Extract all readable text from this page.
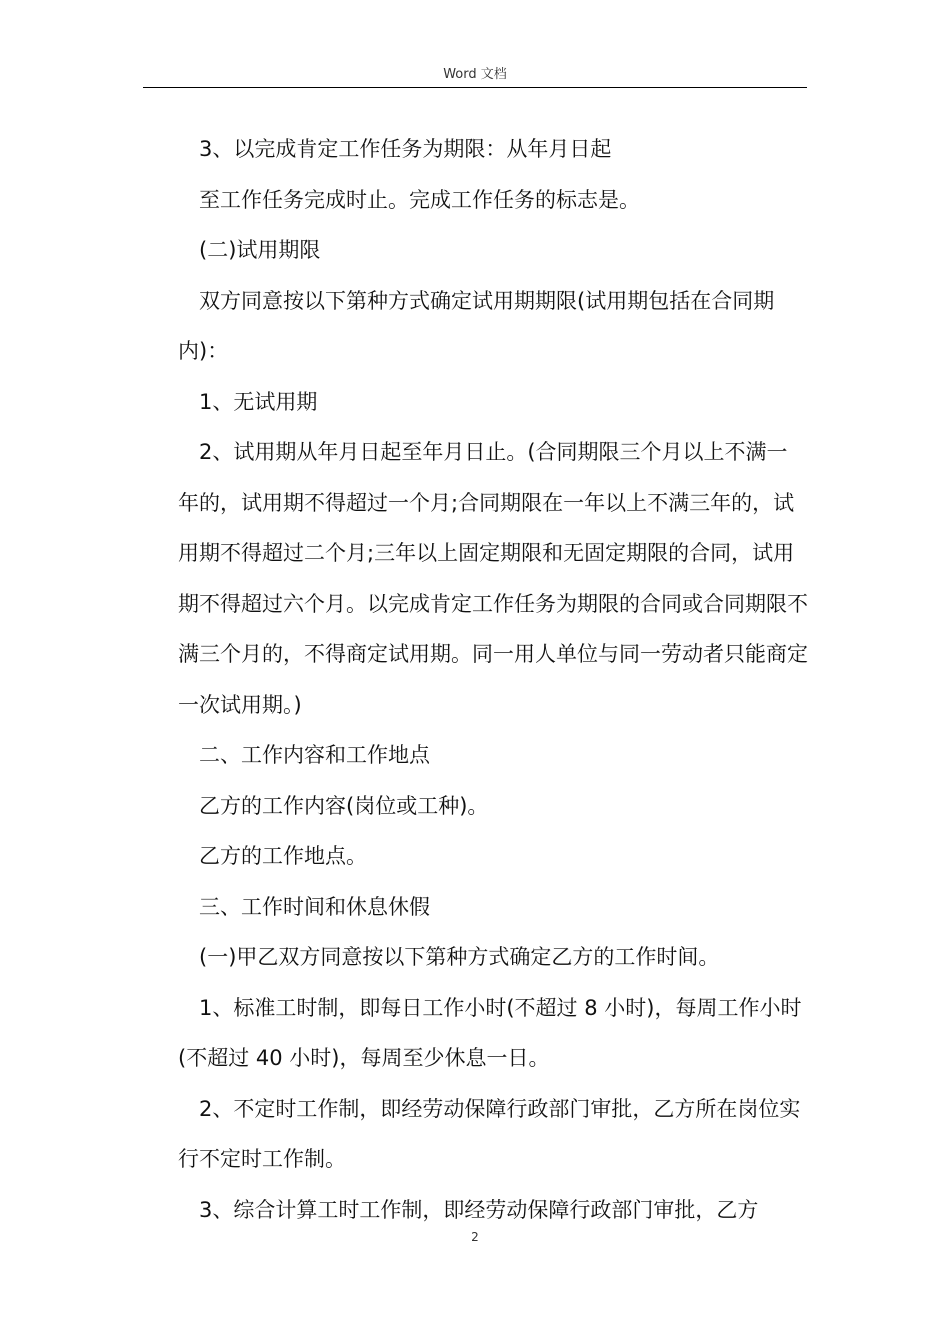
Word 文档

3、以完成肯定工作任务为期限：从年月日起

至工作任务完成时止。完成工作任务的标志是。

(二)试用期限

双方同意按以下第种方式确定试用期期限(试用期包括在合同期内)：

1、无试用期

2、试用期从年月日起至年月日止。(合同期限三个月以上不满一年的，试用期不得超过一个月;合同期限在一年以上不满三年的，试用期不得超过二个月;三年以上固定期限和无固定期限的合同，试用期不得超过六个月。以完成肯定工作任务为期限的合同或合同期限不满三个月的，不得商定试用期。同一用人单位与同一劳动者只能商定一次试用期。)

二、工作内容和工作地点

乙方的工作内容(岗位或工种)。

乙方的工作地点。

三、工作时间和休息休假

(一)甲乙双方同意按以下第种方式确定乙方的工作时间。

1、标准工时制，即每日工作小时(不超过 8 小时)，每周工作小时(不超过 40 小时)，每周至少休息一日。

2、不定时工作制，即经劳动保障行政部门审批，乙方所在岗位实行不定时工作制。

3、综合计算工时工作制，即经劳动保障行政部门审批，乙方

2
